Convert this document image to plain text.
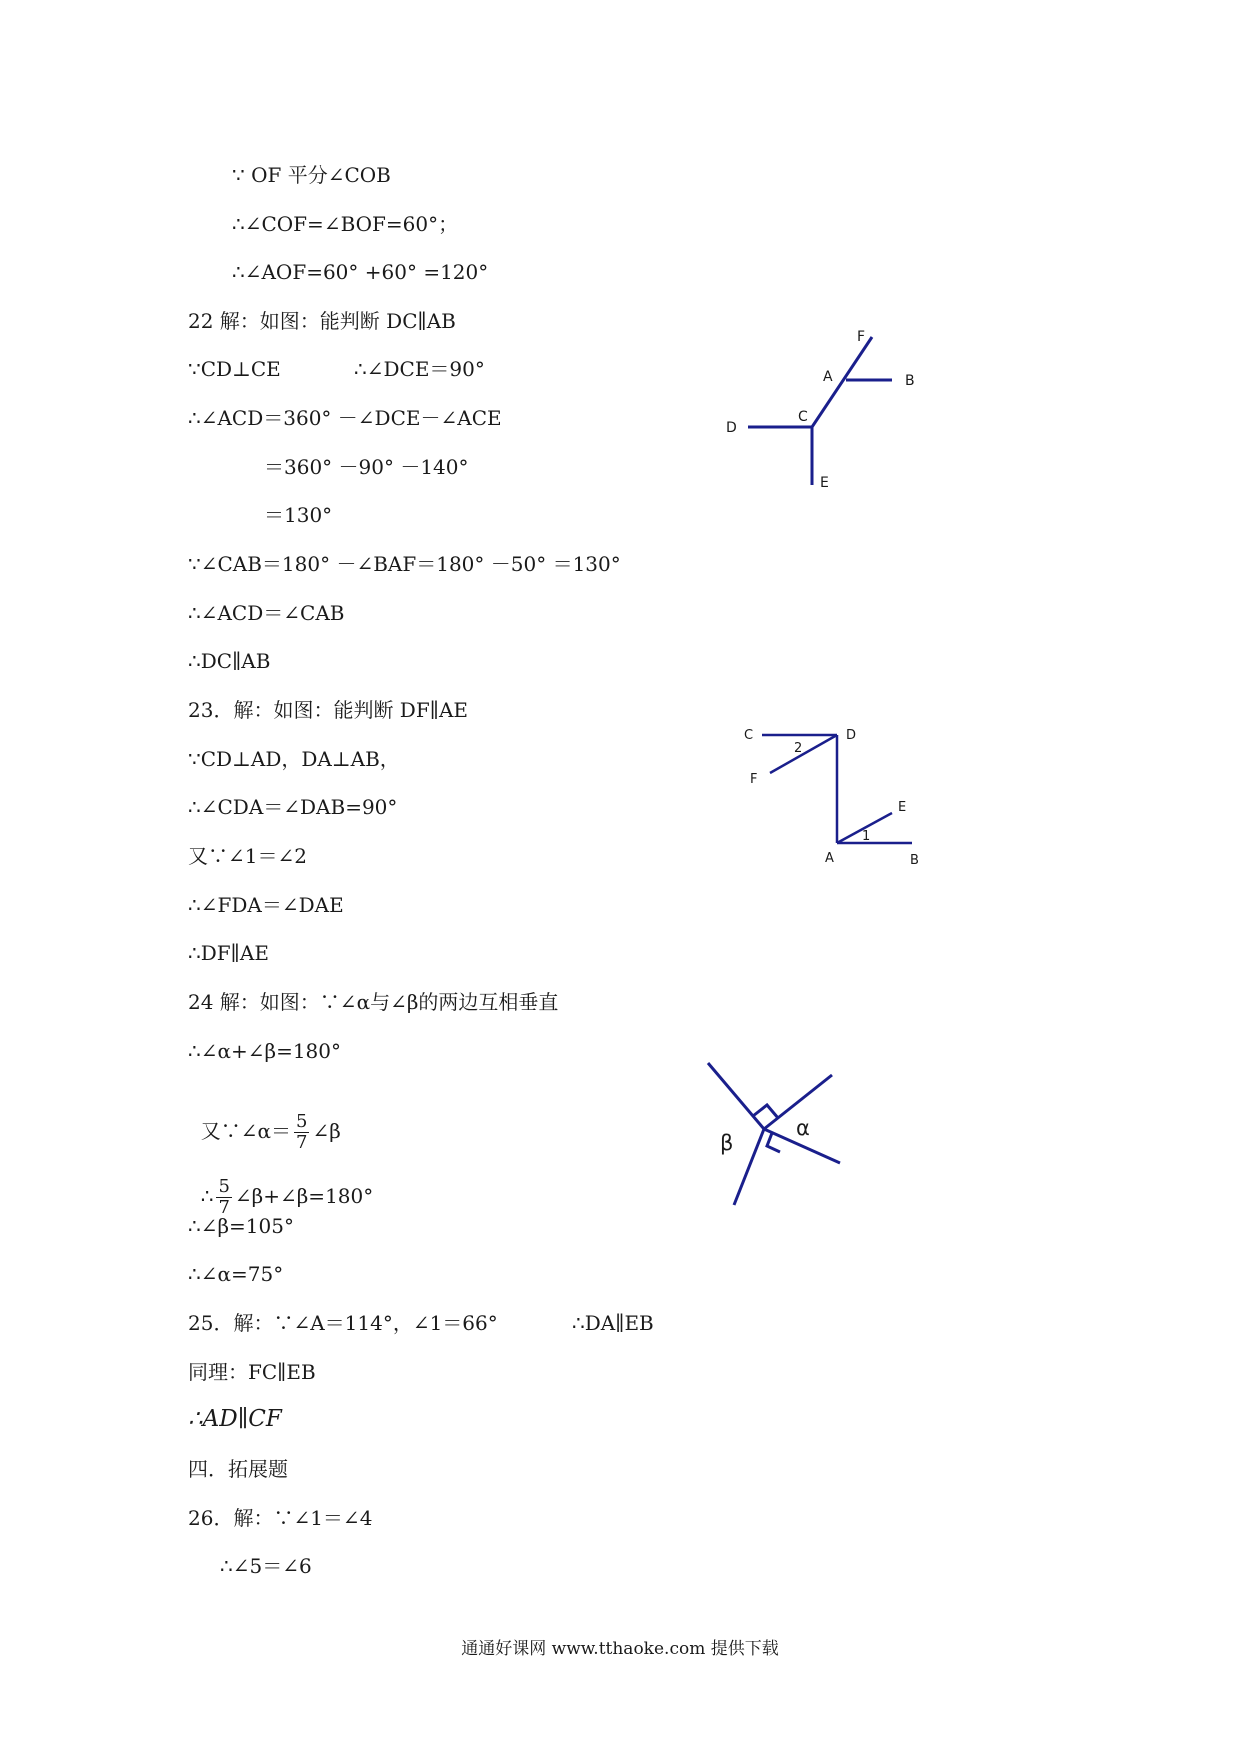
∵ OF 平分∠COB
∴∠COF=∠BOF=60°；
∴∠AOF=60° +60° =120°
22 解：如图：能判断 DC∥AB
∵CD⊥CE	∴∠DCE＝90°
∴∠ACD＝360° －∠DCE－∠ACE
＝360° －90° －140°
＝130°
∵∠CAB＝180° －∠BAF＝180° －50° ＝130°
∴∠ACD＝∠CAB
∴DC∥AB
F
A	B
C
D
E
23．解：如图：能判断 DF∥AE
∵CD⊥AD，DA⊥AB，
∴∠CDA＝∠DAB=90°
又∵∠1＝∠2
∴∠FDA＝∠DAE
∴DF∥AE
C	D
2
F
E
1
A	B
24 解：如图：∵∠α与∠β的两边互相垂直
∴∠α+∠β=180°

又∵∠α＝ $\frac{5}{7}$ ∠β

∴ $\frac{5}{7}$ ∠β+∠β=180°

∴∠β=105°
∴∠α=75°
β
α
25．解：∵∠A＝114°，∠1＝66°	∴DA∥EB
同理：FC∥EB
∴AD∥CF
四．拓展题
26．解：∵∠1＝∠4
∴∠5＝∠6
通通好课网 www.tthaoke.com 提供下载
